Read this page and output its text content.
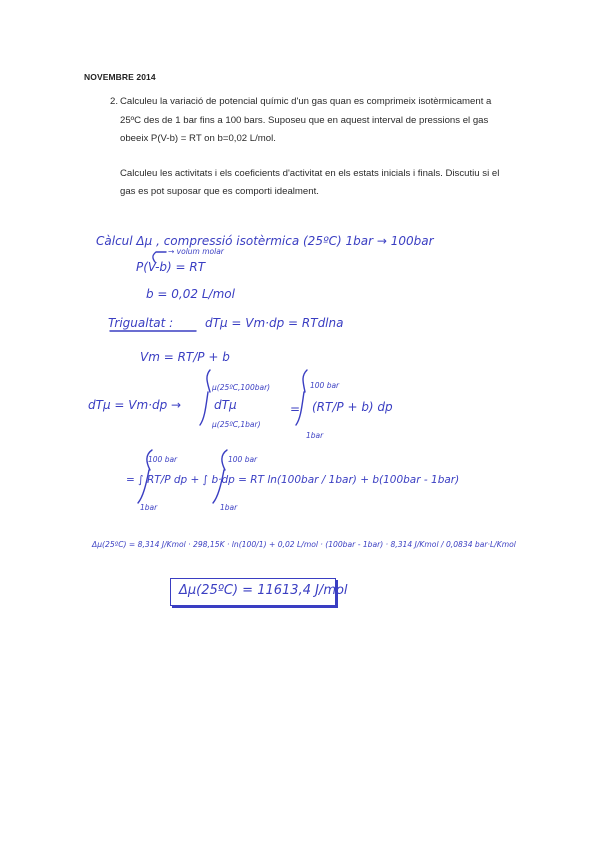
NOVEMBRE 2014
2. Calculeu la variació de potencial químic d'un gas quan es comprimeix isotèrmicament a 25ºC des de 1 bar fins a 100 bars. Suposeu que en aquest interval de pressions el gas obeeix P(V-b) = RT on b=0,02 L/mol.

Calculeu les activitats i els coeficients d'activitat en els estats inicials i finals. Discutiu si el gas es pot suposar que es comporti idealment.

Càlcul Δμ , compressió isotèrmica (25ºC) 1bar → 100bar
→ volum molar
P(V-b) = RT
b = 0,02 L/mol
Trigualtat :	dTμ = Vm·dp = RTdlna
Vm = RT/P + b
dTμ = Vm·dp →
μ(25ºC,100bar)
dTμ
μ(25ºC,1bar)
=
100 bar
(RT/P + b) dp
1bar
= ∫ RT/P dp + ∫ b·dp = RT ln(100bar / 1bar) + b(100bar - 1bar)
100 bar
1bar
100 bar
1bar
Δμ(25ºC) = 8,314 J/Kmol · 298,15K · ln(100/1) + 0,02 L/mol · (100bar - 1bar) · 8,314 J/Kmol / 0,0834 bar·L/Kmol
Δμ(25ºC) = 11613,4 J/mol
